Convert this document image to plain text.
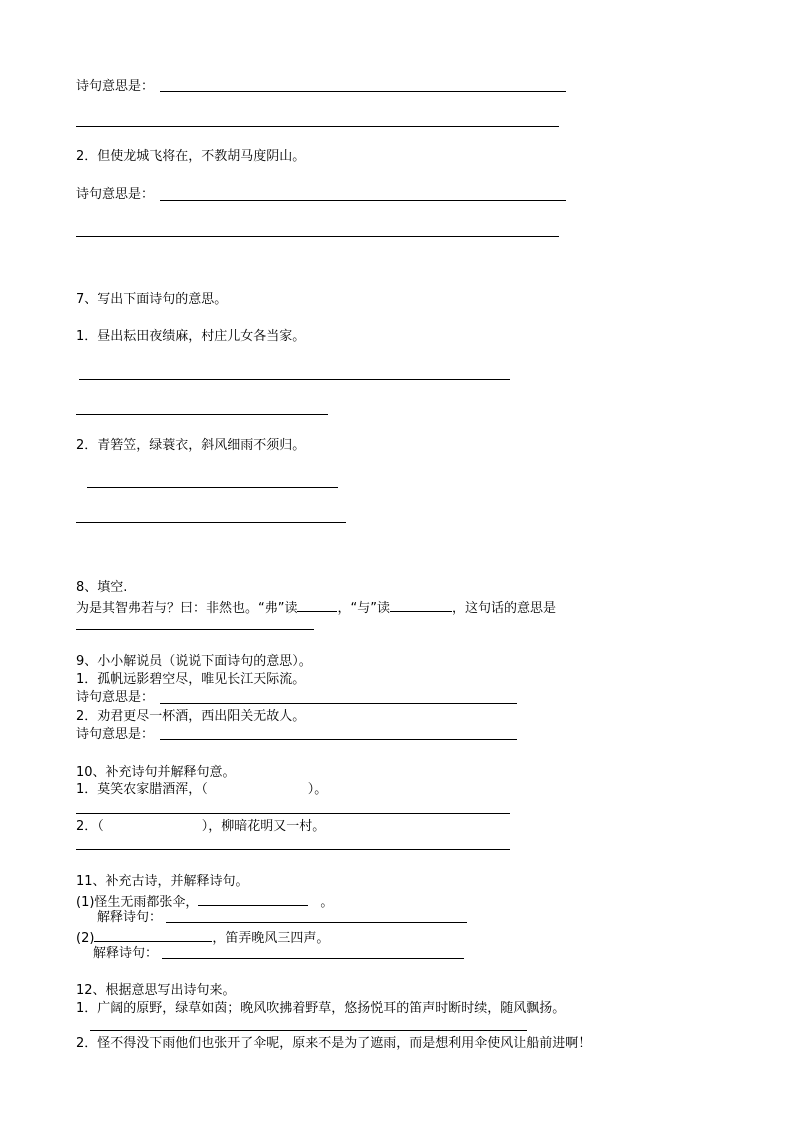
诗句意思是：
2．但使龙城飞将在，不教胡马度阴山。
诗句意思是：
7、写出下面诗句的意思。
1．昼出耘田夜绩麻，村庄儿女各当家。
2．青箬笠，绿蓑衣，斜风细雨不须归。
8、填空.
为是其智弗若与？曰：非然也。“弗”读	，“与”读	，这句话的意思是
9、小小解说员（说说下面诗句的意思）。
1．孤帆远影碧空尽，唯见长江天际流。
诗句意思是：
2．劝君更尽一杯酒，西出阳关无故人。
诗句意思是：
10、补充诗句并解释句意。
1．莫笑农家腊酒浑，（	）。
2．（	），柳暗花明又一村。
11、补充古诗，并解释诗句。
(1)怪生无雨都张伞，	。
解释诗句：
(2)	，笛弄晚风三四声。
解释诗句：
12、根据意思写出诗句来。
1．广阔的原野，绿草如茵；晚风吹拂着野草，悠扬悦耳的笛声时断时续，随风飘扬。
2．怪不得没下雨他们也张开了伞呢，原来不是为了遮雨，而是想利用伞使风让船前进啊！
